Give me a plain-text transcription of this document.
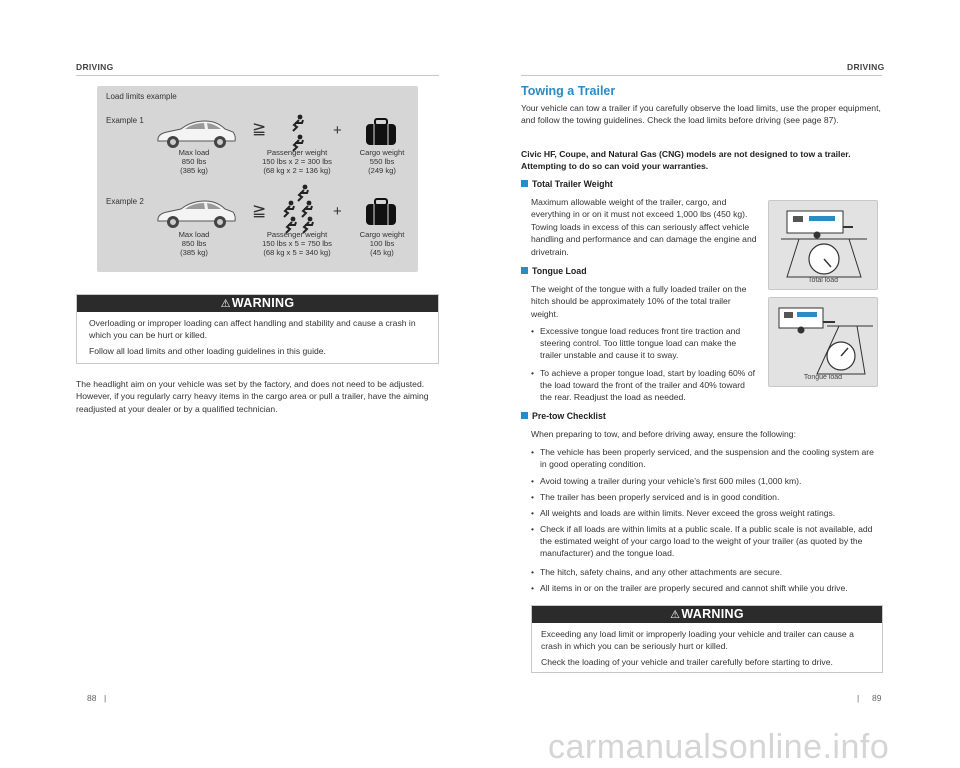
DRIVING	DRIVING
Load limits example
Example 1
Max load
850 lbs
(385 kg)
≧
Passenger weight
150 lbs x 2 = 300 lbs
(68 kg x 2 = 136 kg)
+
Cargo weight
550 lbs
(249 kg)
Example 2
Max load
850 lbs
(385 kg)
≧
Passenger weight
150 lbs x 5 = 750 lbs
(68 kg x 5 = 340 kg)
+
Cargo weight
100 lbs
(45 kg)
⚠WARNING

Overloading or improper loading can affect handling and stability and cause a crash in which you can be hurt or killed.

Follow all load limits and other loading guidelines in this guide.

The headlight aim on your vehicle was set by the factory, and does not need to be adjusted. However, if you regularly carry heavy items in the cargo area or pull a trailer, have the aiming readjusted at your dealer or by a qualified technician.
Towing a Trailer
Your vehicle can tow a trailer if you carefully observe the load limits, use the proper equipment, and follow the towing guidelines. Check the load limits before driving (see page 87).
Civic HF, Coupe, and Natural Gas (CNG) models are not designed to tow a trailer. Attempting to do so can void your warranties.
Total Trailer Weight
Maximum allowable weight of the trailer, cargo, and everything in or on it must not exceed 1,000 lbs (450 kg). Towing loads in excess of this can seriously affect vehicle handling and performance and can damage the engine and drivetrain.
Tongue Load
The weight of the tongue with a fully loaded trailer on the hitch should be approximately 10% of the total trailer weight.
• Excessive tongue load reduces front tire traction and steering control. Too little tongue load can make the trailer unstable and cause it to sway.
• To achieve a proper tongue load, start by loading 60% of the load toward the front of the trailer and 40% toward the rear. Readjust the load as needed.
Total load
Tongue load
Pre-tow Checklist
When preparing to tow, and before driving away, ensure the following:
• The vehicle has been properly serviced, and the suspension and the cooling system are in good operating condition.
• Avoid towing a trailer during your vehicle’s first 600 miles (1,000 km).
• The trailer has been properly serviced and is in good condition.
• All weights and loads are within limits. Never exceed the gross weight ratings.
• Check if all loads are within limits at a public scale. If a public scale is not available, add the estimated weight of your cargo load to the weight of your trailer (as quoted by the manufacturer) and the tongue load.
• The hitch, safety chains, and any other attachments are secure.
• All items in or on the trailer are properly secured and cannot shift while you drive.
⚠WARNING

Exceeding any load limit or improperly loading your vehicle and trailer can cause a crash in which you can be seriously hurt or killed.

Check the loading of your vehicle and trailer carefully before starting to drive.

88 |	| 89
carmanualsonline.info
